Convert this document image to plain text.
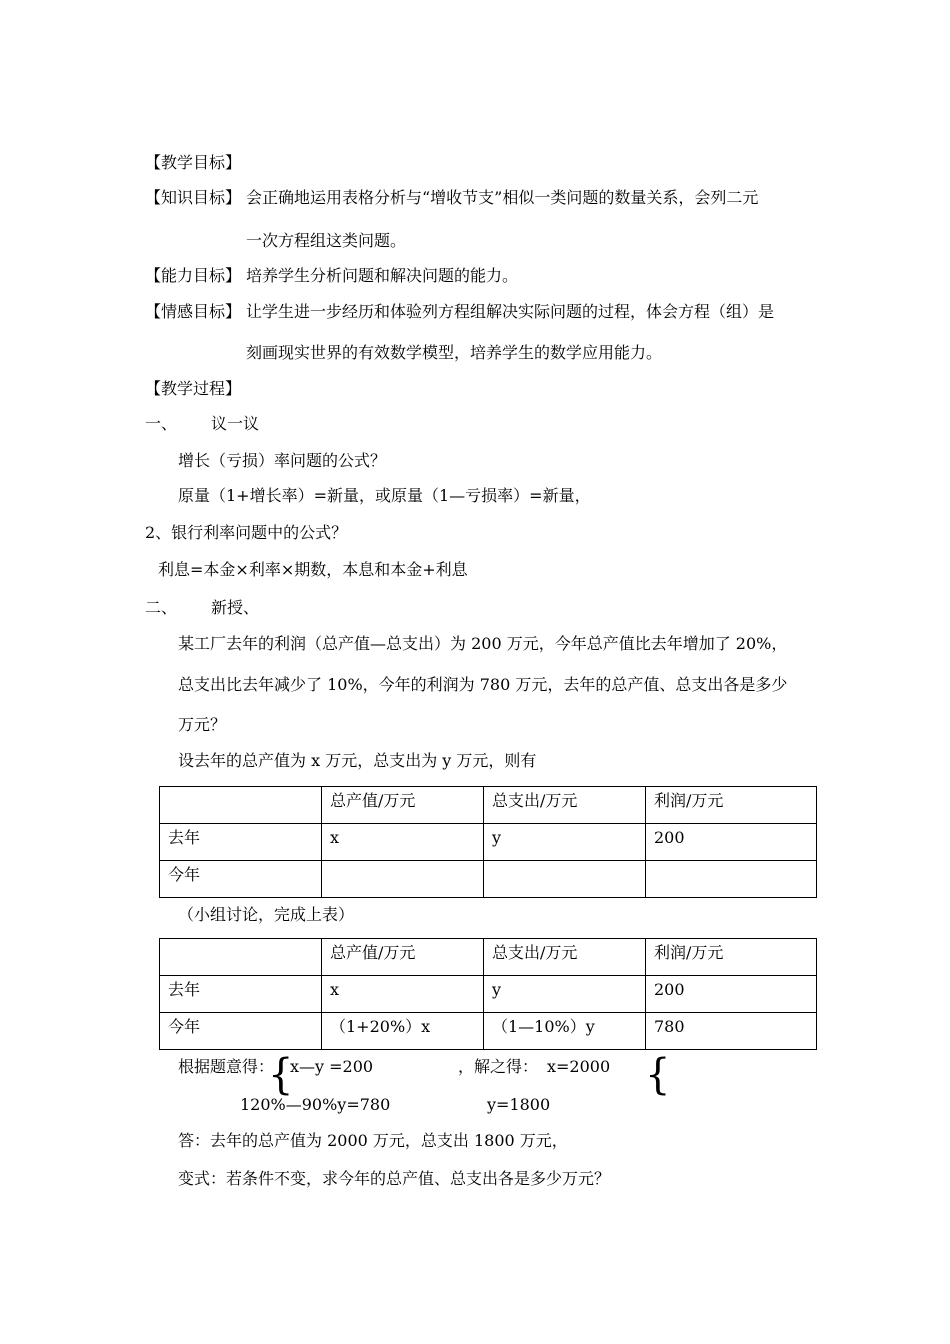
【教学目标】
【知识目标】 会正确地运用表格分析与“增收节支”相似一类问题的数量关系，会列二元
一次方程组这类问题。
【能力目标】 培养学生分析问题和解决问题的能力。
【情感目标】 让学生进一步经历和体验列方程组解决实际问题的过程，体会方程（组）是
刻画现实世界的有效数学模型，培养学生的数学应用能力。
【教学过程】
一、 议一议
增长（亏损）率问题的公式？
原量（1+增长率）=新量，或原量（1—亏损率）=新量，
2、银行利率问题中的公式？
利息=本金×利率×期数，本息和本金+利息
二、 新授、
某工厂去年的利润（总产值—总支出）为 200 万元，今年总产值比去年增加了 20%，
总支出比去年减少了 10%，今年的利润为 780 万元，去年的总产值、总支出各是多少
万元？
设去年的总产值为 x 万元，总支出为 y 万元，则有
	总产值/万元	总支出/万元	利润/万元
去年	x	y	200
今年			
（小组讨论，完成上表）
	总产值/万元	总支出/万元	利润/万元
去年	x	y	200
今年	（1+20%）x	（1—10%）y	780
根据题意得：
{
x—y =200
120%—90%y=780
，解之得： x=2000
y=1800
{
答：去年的总产值为 2000 万元，总支出 1800 万元，
变式：若条件不变，求今年的总产值、总支出各是多少万元？
